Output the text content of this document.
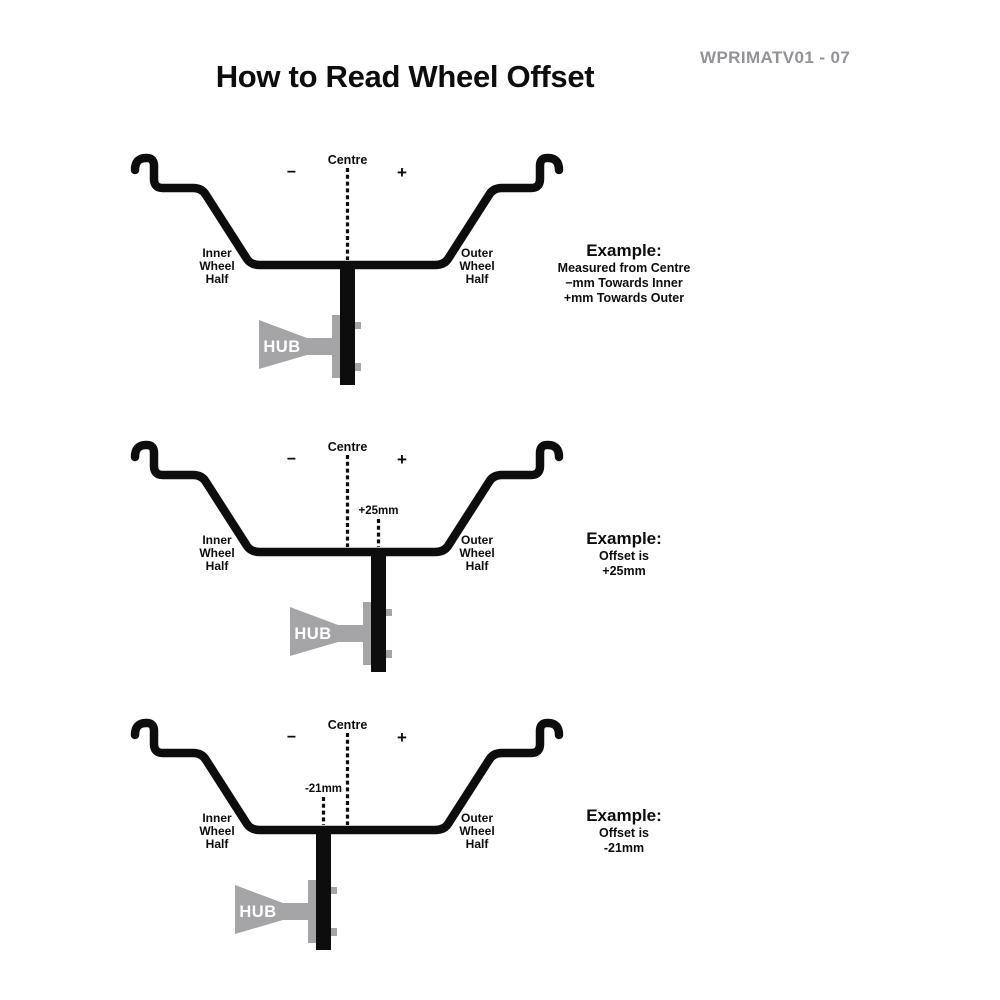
How to Read Wheel Offset
WPRIMATV01 - 07
HUB
Centre
−	+
Inner Wheel Half
Outer Wheel Half
HUB
+25mm
Centre
−	+
Inner Wheel Half
Outer Wheel Half
HUB
-21mm
Centre
−	+
Inner Wheel Half
Outer Wheel Half
Example:
Measured from Centre
−mm Towards Inner
+mm Towards Outer
Example:
Offset is
+25mm
Example:
Offset is
-21mm
